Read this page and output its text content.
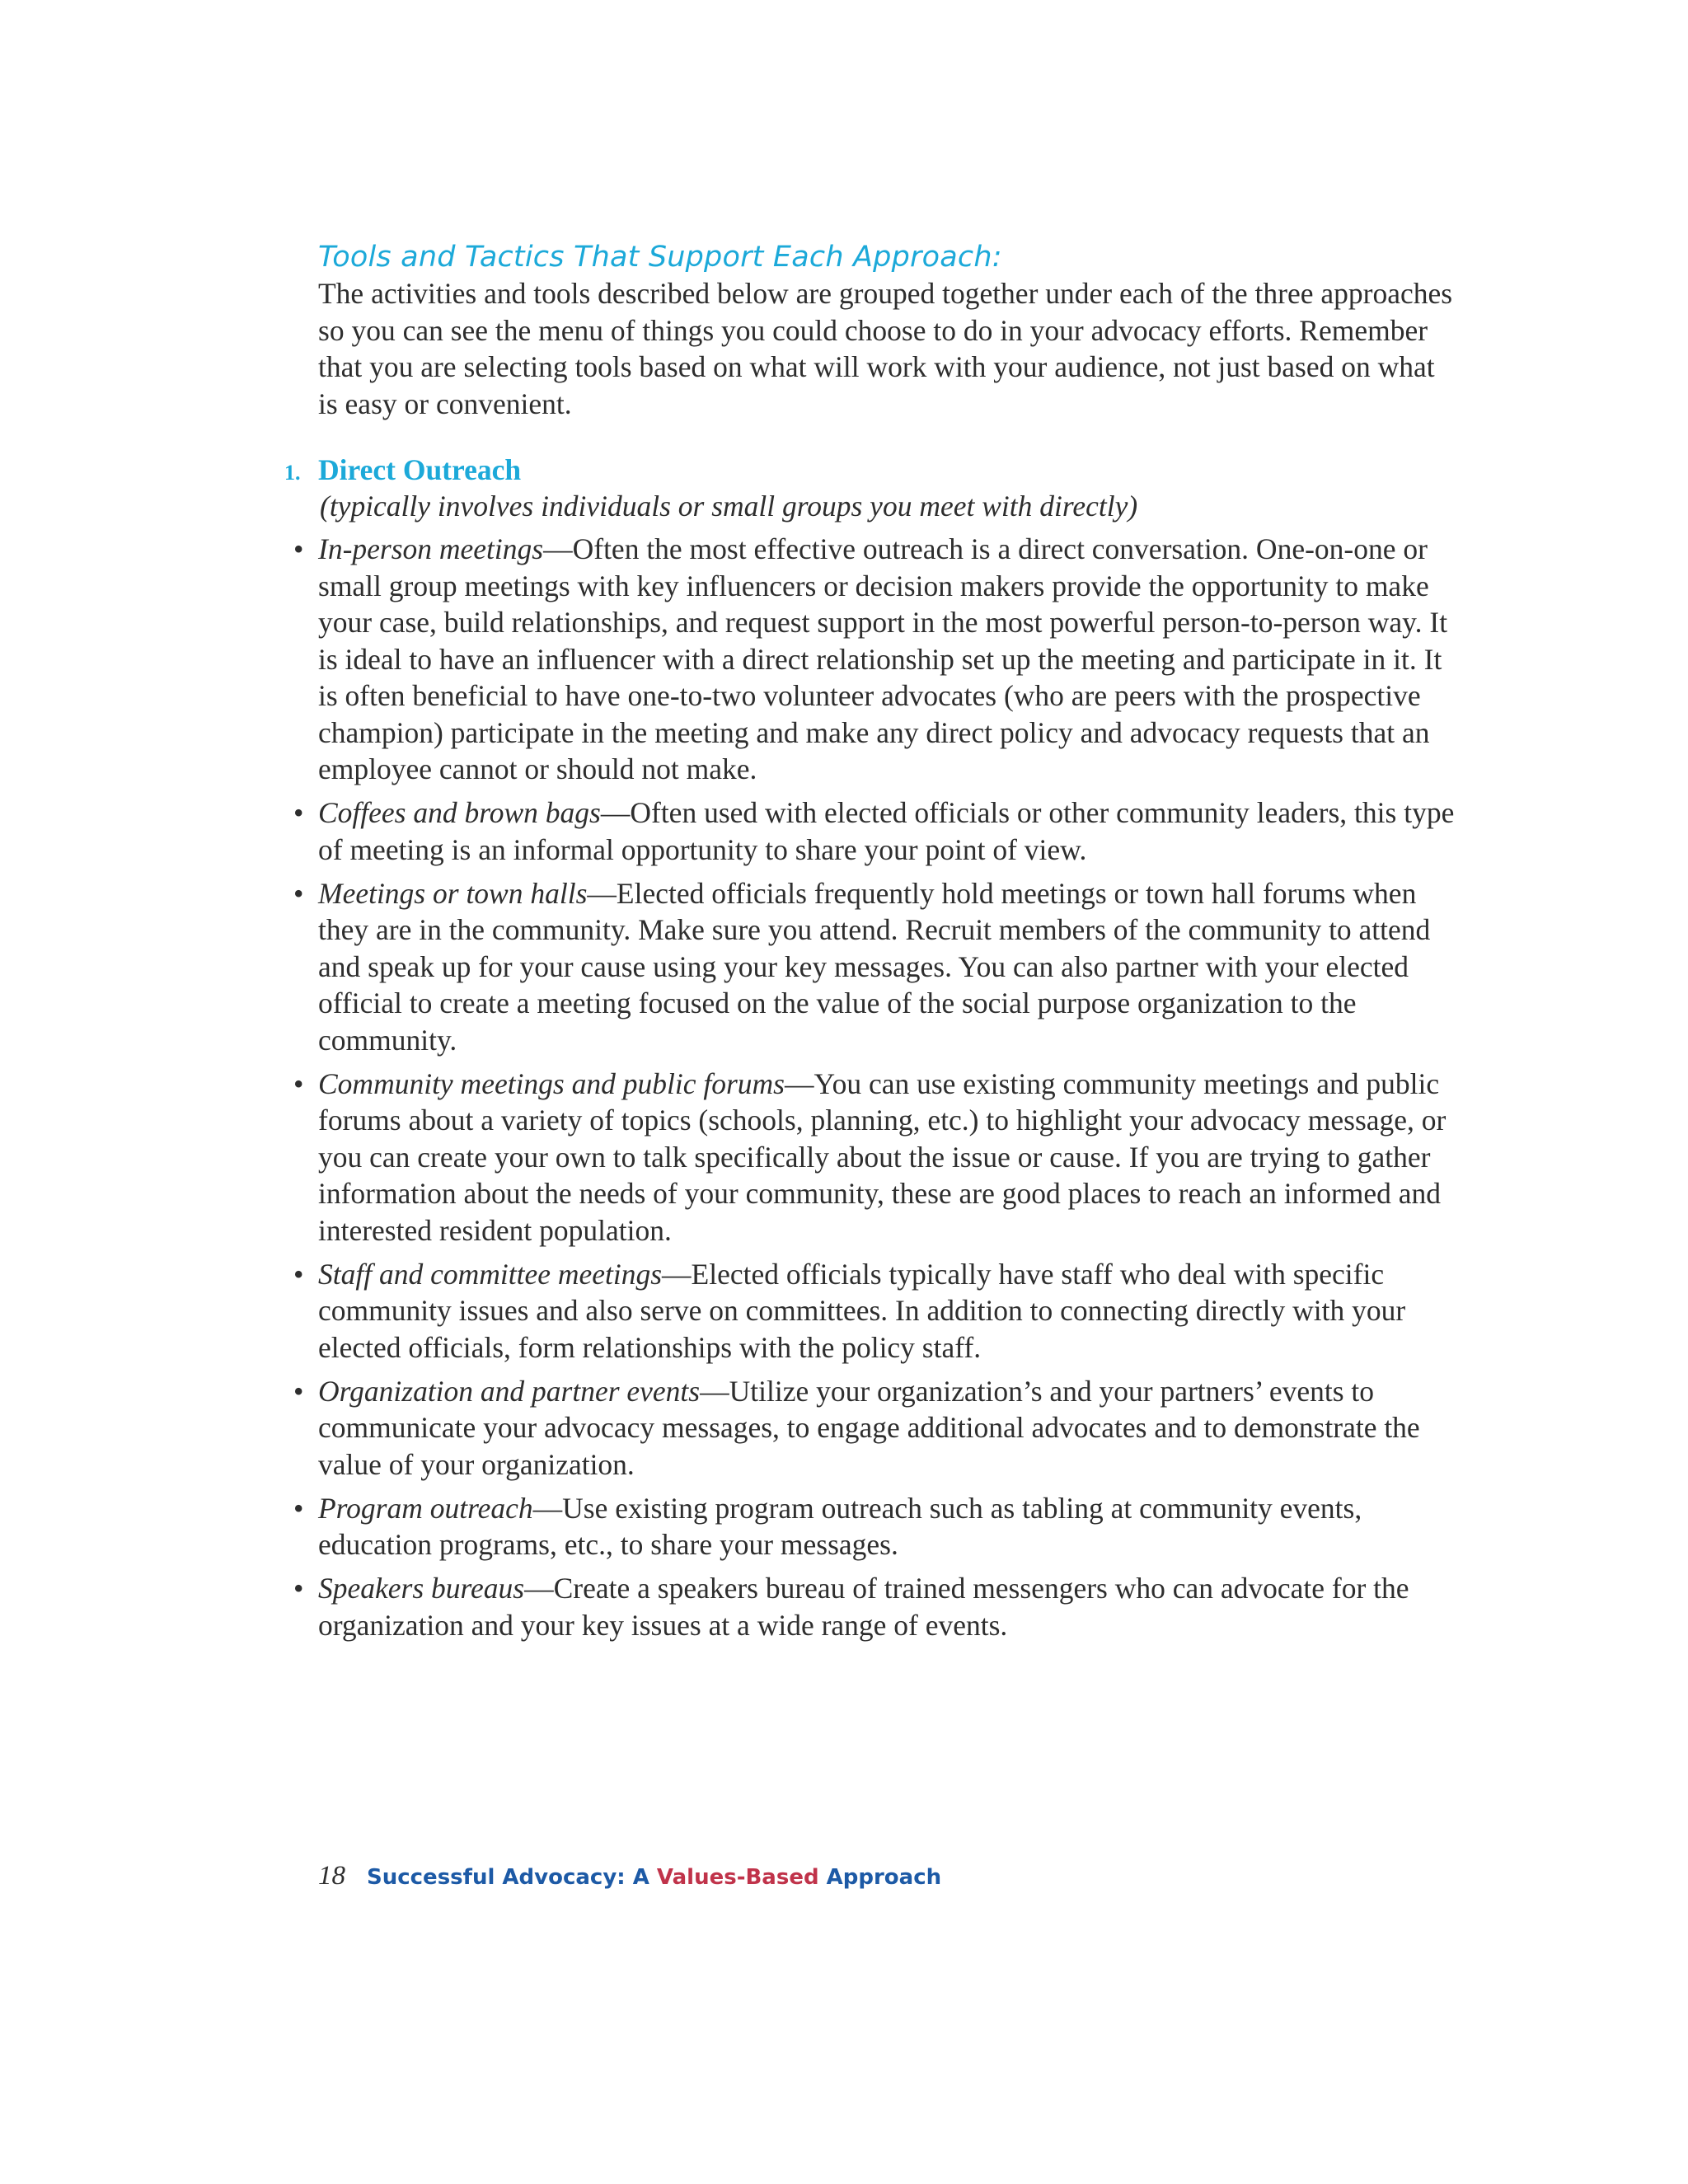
Tools and Tactics That Support Each Approach:

The activities and tools described below are grouped together under each of the three approaches so you can see the menu of things you could choose to do in your advocacy efforts. Remember that you are selecting tools based on what will work with your audience, not just based on what is easy or convenient.

1. Direct Outreach

(typically involves individuals or small groups you meet with directly)

• In-person meetings—Often the most effective outreach is a direct conversation. One-on-one or small group meetings with key influencers or decision makers provide the opportunity to make your case, build relationships, and request support in the most powerful person-to-person way. It is ideal to have an influencer with a direct relationship set up the meeting and participate in it. It is often beneficial to have one-to-two volunteer advocates (who are peers with the prospective champion) participate in the meeting and make any direct policy and advocacy requests that an employee cannot or should not make.
• Coffees and brown bags—Often used with elected officials or other community leaders, this type of meeting is an informal opportunity to share your point of view.
• Meetings or town halls—Elected officials frequently hold meetings or town hall forums when they are in the community. Make sure you attend. Recruit members of the community to attend and speak up for your cause using your key messages. You can also partner with your elected official to create a meeting focused on the value of the social purpose organization to the community.
• Community meetings and public forums—You can use existing community meetings and public forums about a variety of topics (schools, planning, etc.) to highlight your advocacy message, or you can create your own to talk specifically about the issue or cause. If you are trying to gather information about the needs of your community, these are good places to reach an informed and interested resident population.
• Staff and committee meetings—Elected officials typically have staff who deal with specific community issues and also serve on committees. In addition to connecting directly with your elected officials, form relationships with the policy staff.
• Organization and partner events—Utilize your organization’s and your partners’ events to communicate your advocacy messages, to engage additional advocates and to demonstrate the value of your organization.
• Program outreach—Use existing program outreach such as tabling at community events, education programs, etc., to share your messages.
• Speakers bureaus—Create a speakers bureau of trained messengers who can advocate for the organization and your key issues at a wide range of events.
18 Successful Advocacy: A Values-Based Approach
